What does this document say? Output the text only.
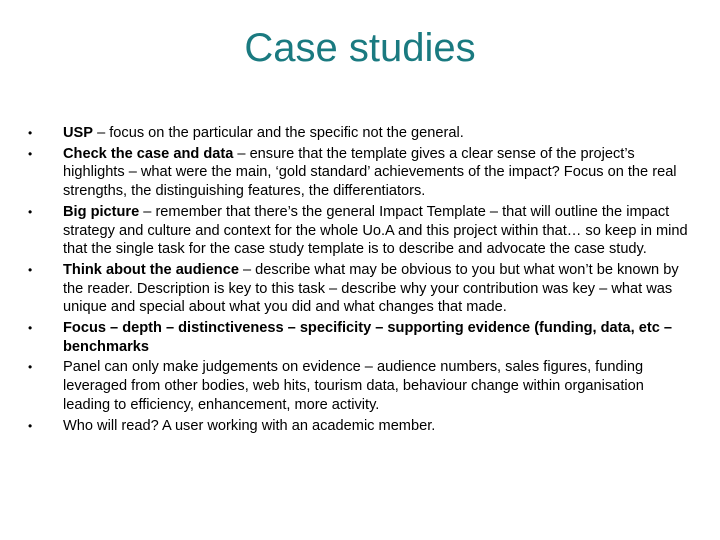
Case studies
•	USP – focus on the particular and the specific not the general.
•	Check the case and data – ensure that the template gives a clear sense of the project’s highlights – what were the main, ‘gold standard’ achievements of the impact? Focus on the real strengths, the distinguishing features, the differentiators.
•	Big picture – remember that there’s the general Impact Template – that will outline the impact strategy and culture and context for the whole Uo.A and this project within that… so keep in mind that the single task for the case study template is to describe and advocate the case study.
•	Think about the audience – describe what may be obvious to you but what won’t be known by the reader. Description is key to this task – describe why your contribution was key – what was unique and special about what you did and what changes that made.
•	Focus – depth – distinctiveness – specificity – supporting evidence (funding, data, etc – benchmarks
•	Panel can only make judgements on evidence – audience numbers, sales figures, funding leveraged from other bodies, web hits, tourism data, behaviour change within organisation leading to efficiency, enhancement, more activity.
•	Who will read? A user working with an academic member.
